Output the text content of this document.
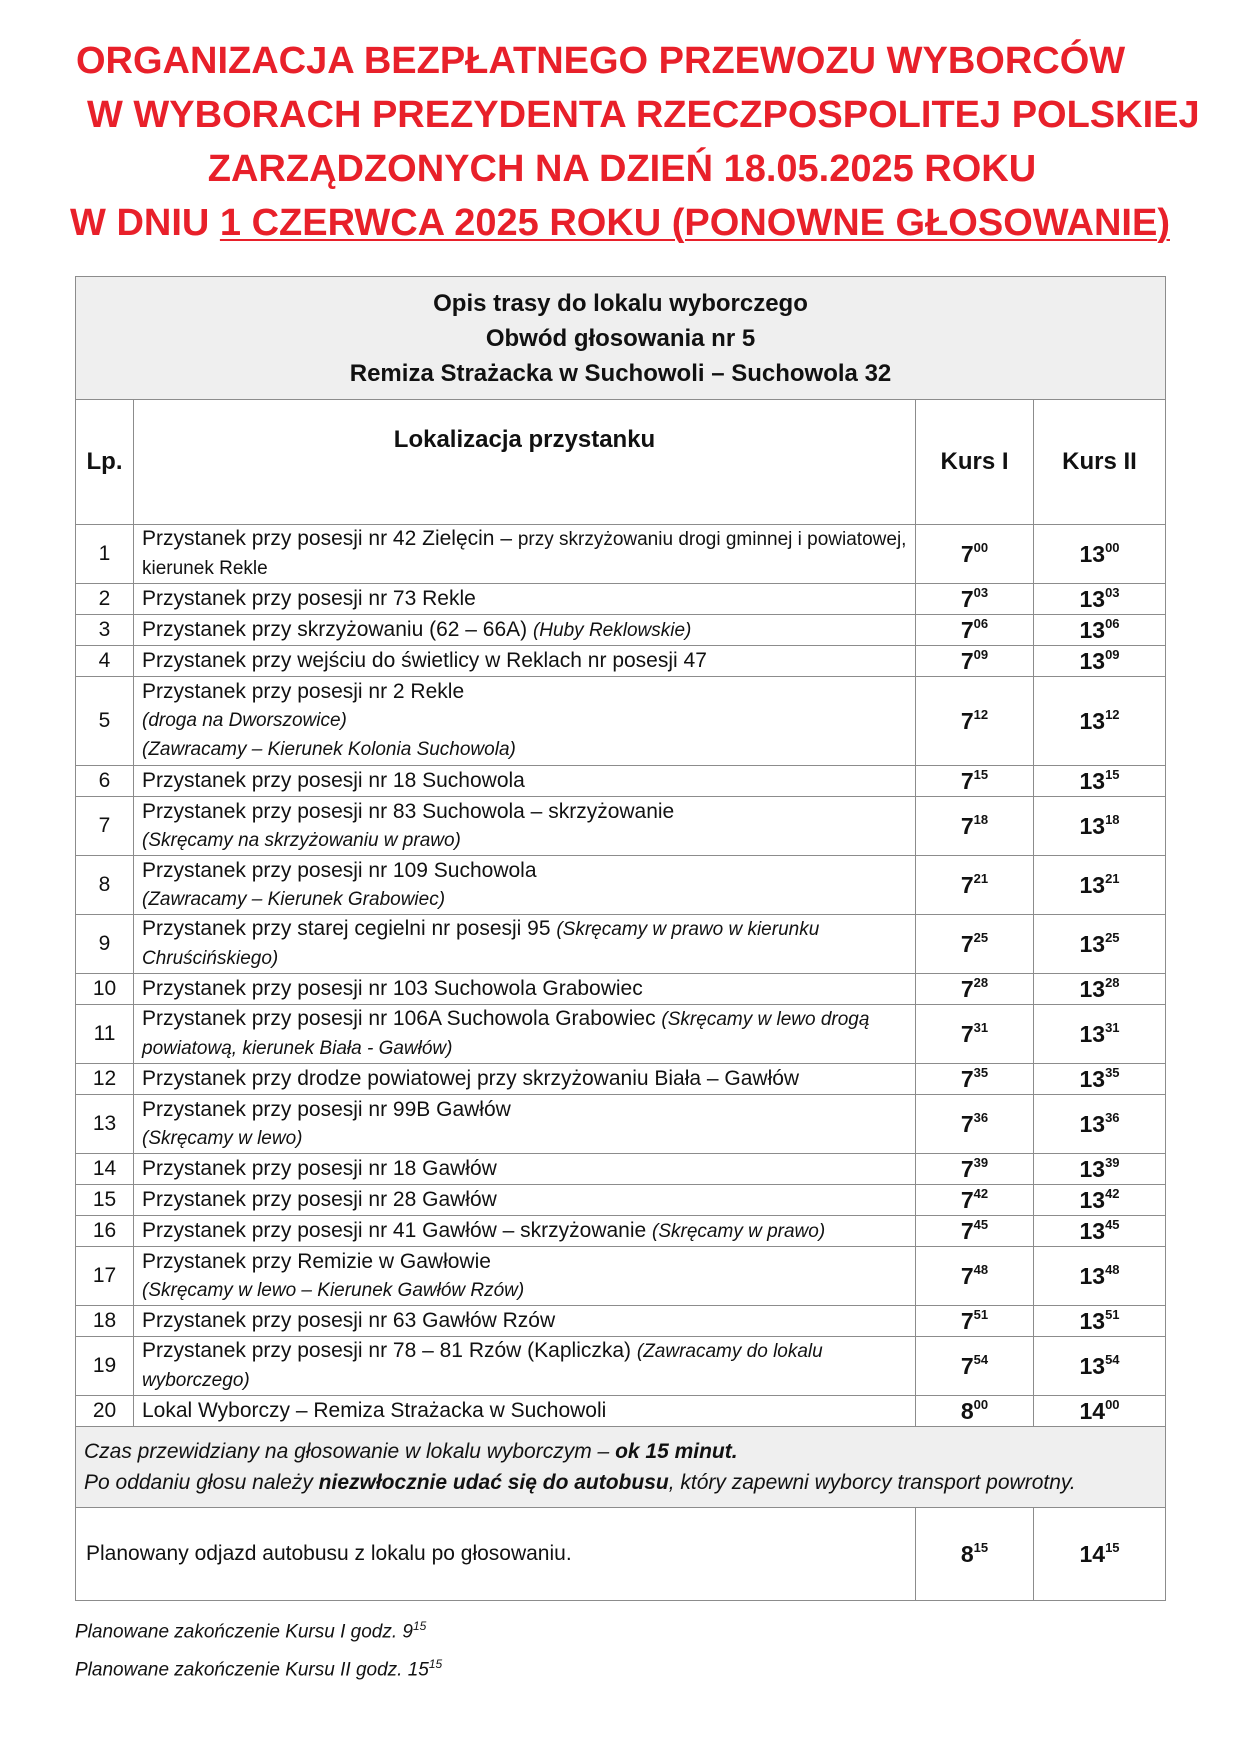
ORGANIZACJA BEZPŁATNEGO PRZEWOZU WYBORCÓW
W WYBORACH PREZYDENTA RZECZPOSPOLITEJ POLSKIEJ
ZARZĄDZONYCH NA DZIEŃ 18.05.2025 ROKU
W DNIU 1 CZERWCA 2025 ROKU (PONOWNE GŁOSOWANIE)
Opis trasy do lokalu wyborczego
Obwód głosowania nr 5
Remiza Strażacka w Suchowoli – Suchowola 32			

Lp.	Lokalizacja przystanku	Kurs I	Kurs II
1	Przystanek przy posesji nr 42 Zielęcin – przy skrzyżowaniu drogi gminnej i powiatowej, kierunek Rekle	$7^{00}$	$13^{00}$
2	Przystanek przy posesji nr 73 Rekle	$7^{03}$	$13^{03}$
3	Przystanek przy skrzyżowaniu (62 – 66A) (Huby Reklowskie)	$7^{06}$	$13^{06}$
4	Przystanek przy wejściu do świetlicy w Reklach nr posesji 47	$7^{09}$	$13^{09}$
5	Przystanek przy posesji nr 2 Rekle
(droga na Dworszowice)
(Zawracamy – Kierunek Kolonia Suchowola)	$7^{12}$	$13^{12}$
6	Przystanek przy posesji nr 18 Suchowola	$7^{15}$	$13^{15}$
7	Przystanek przy posesji nr 83 Suchowola – skrzyżowanie
(Skręcamy na skrzyżowaniu w prawo)	$7^{18}$	$13^{18}$
8	Przystanek przy posesji nr 109 Suchowola
(Zawracamy – Kierunek Grabowiec)	$7^{21}$	$13^{21}$
9	Przystanek przy starej cegielni nr posesji 95 (Skręcamy w prawo w kierunku Chruścińskiego)	$7^{25}$	$13^{25}$
10	Przystanek przy posesji nr 103 Suchowola Grabowiec	$7^{28}$	$13^{28}$
11	Przystanek przy posesji nr 106A Suchowola Grabowiec (Skręcamy w lewo drogą powiatową, kierunek Biała - Gawłów)	$7^{31}$	$13^{31}$
12	Przystanek przy drodze powiatowej przy skrzyżowaniu Biała – Gawłów	$7^{35}$	$13^{35}$
13	Przystanek przy posesji nr 99B Gawłów
(Skręcamy w lewo)	$7^{36}$	$13^{36}$
14	Przystanek przy posesji nr 18 Gawłów	$7^{39}$	$13^{39}$
15	Przystanek przy posesji nr 28 Gawłów	$7^{42}$	$13^{42}$
16	Przystanek przy posesji nr 41 Gawłów – skrzyżowanie (Skręcamy w prawo)	$7^{45}$	$13^{45}$
17	Przystanek przy Remizie w Gawłowie
(Skręcamy w lewo – Kierunek Gawłów Rzów)	$7^{48}$	$13^{48}$
18	Przystanek przy posesji nr 63 Gawłów Rzów	$7^{51}$	$13^{51}$
19	Przystanek przy posesji nr 78 – 81 Rzów (Kapliczka) (Zawracamy do lokalu wyborczego)	$7^{54}$	$13^{54}$
20	Lokal Wyborczy – Remiza Strażacka w Suchowoli	$8^{00}$	$14^{00}$

Czas przewidziany na głosowanie w lokalu wyborczym – ok 15 minut.
Po oddaniu głosu należy niezwłocznie udać się do autobusu, który zapewni wyborcy transport powrotny.			

Planowany odjazd autobusu z lokalu po głosowaniu.		$8^{15}$	$14^{15}$
Planowane zakończenie Kursu I godz. $9^{15}$
Planowane zakończenie Kursu II godz. $15^{15}$
